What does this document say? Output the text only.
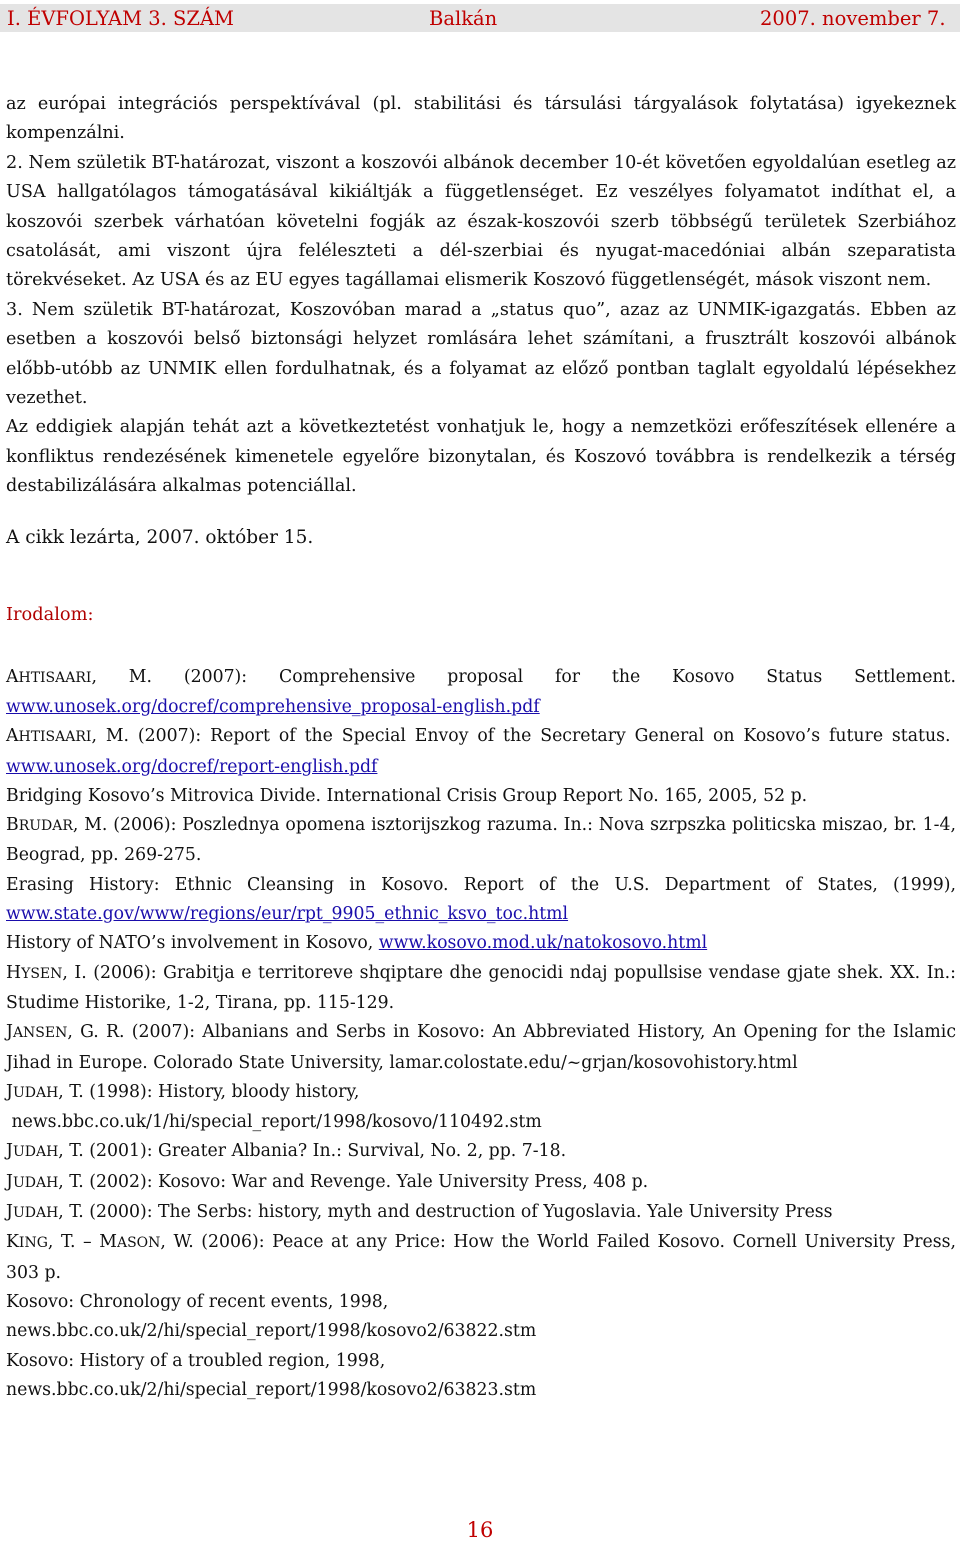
I. ÉVFOLYAM 3. SZÁM	Balkán	2007. november 7.

az európai integrációs perspektívával (pl. stabilitási és társulási tárgyalások folytatása) igyekeznek kompenzálni.

2. Nem születik BT-határozat, viszont a koszovói albánok december 10-ét követően egyoldalúan esetleg az USA hallgatólagos támogatásával kikiáltják a függetlenséget. Ez veszélyes folyamatot indíthat el, a koszovói szerbek várhatóan követelni fogják az észak-koszovói szerb többségű területek Szerbiához csatolását, ami viszont újra feléleszteti a dél-szerbiai és nyugat-macedóniai albán szeparatista törekvéseket. Az USA és az EU egyes tagállamai elismerik Koszovó függetlenségét, mások viszont nem.

3. Nem születik BT-határozat, Koszovóban marad a „status quo”, azaz az UNMIK-igazgatás. Ebben az esetben a koszovói belső biztonsági helyzet romlására lehet számítani, a frusztrált koszovói albánok előbb-utóbb az UNMIK ellen fordulhatnak, és a folyamat az előző pontban taglalt egyoldalú lépésekhez vezethet.

Az eddigiek alapján tehát azt a következtetést vonhatjuk le, hogy a nemzetközi erőfeszítések ellenére a konfliktus rendezésének kimenetele egyelőre bizonytalan, és Koszovó továbbra is rendelkezik a térség destabilizálására alkalmas potenciállal.

A cikk lezárta, 2007. október 15.

Irodalom:

AHTISAARI, M. (2007): Comprehensive proposal for the Kosovo Status Settlement. www.unosek.org/docref/comprehensive_proposal-english.pdf

AHTISAARI, M. (2007): Report of the Special Envoy of the Secretary General on Kosovo’s future status.  www.unosek.org/docref/report-english.pdf

Bridging Kosovo’s Mitrovica Divide. International Crisis Group Report No. 165, 2005, 52 p.

BRUDAR, M. (2006): Poszlednya opomena isztorijszkog razuma. In.: Nova szrpszka politicska miszao, br. 1-4, Beograd, pp. 269-275.

Erasing History: Ethnic Cleansing in Kosovo. Report of the U.S. Department of States, (1999), www.state.gov/www/regions/eur/rpt_9905_ethnic_ksvo_toc.html

History of NATO’s involvement in Kosovo, www.kosovo.mod.uk/natokosovo.html

HYSEN, I. (2006): Grabitja e territoreve shqiptare dhe genocidi ndaj popullsise vendase gjate shek. XX. In.: Studime Historike, 1-2, Tirana, pp. 115-129.

JANSEN, G. R. (2007): Albanians and Serbs in Kosovo: An Abbreviated History, An Opening for the Islamic Jihad in Europe. Colorado State University, lamar.colostate.edu/~grjan/kosovohistory.html

JUDAH, T. (1998): History, bloody history,
news.bbc.co.uk/1/hi/special_report/1998/kosovo/110492.stm

JUDAH, T. (2001): Greater Albania? In.: Survival, No. 2, pp. 7-18.

JUDAH, T. (2002): Kosovo: War and Revenge. Yale University Press, 408 p.

JUDAH, T. (2000): The Serbs: history, myth and destruction of Yugoslavia. Yale University Press

KING, T. – MASON, W. (2006): Peace at any Price: How the World Failed Kosovo. Cornell University Press, 303 p.

Kosovo: Chronology of recent events, 1998,
news.bbc.co.uk/2/hi/special_report/1998/kosovo2/63822.stm

Kosovo: History of a troubled region, 1998,
news.bbc.co.uk/2/hi/special_report/1998/kosovo2/63823.stm

16
